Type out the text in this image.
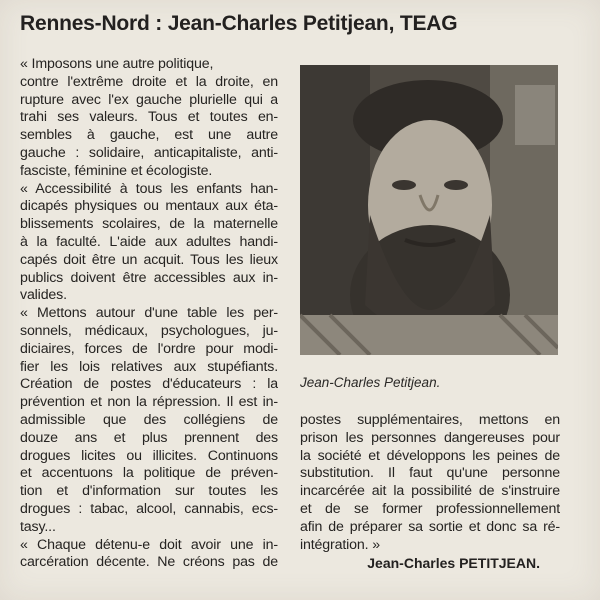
Rennes-Nord : Jean-Charles Petitjean, TEAG
« Imposons une autre politique,
contre l'extrême droite et la droite, en
rupture avec l'ex gauche plurielle qui a
trahi ses valeurs. Tous et toutes en-
sembles à gauche, est une autre
gauche : solidaire, anticapitaliste, anti-
fasciste, féminine et écologiste.
« Accessibilité à tous les enfants han-
dicapés physiques ou mentaux aux éta-
blissements scolaires, de la maternelle
à la faculté. L'aide aux adultes handi-
capés doit être un acquit. Tous les lieux
publics doivent être accessibles aux in-
valides.
« Mettons autour d'une table les per-
sonnels, médicaux, psychologues, ju-
diciaires, forces de l'ordre pour modi-
fier les lois relatives aux stupéfiants.
Création de postes d'éducateurs : la
prévention et non la répression. Il est in-
admissible que des collégiens de
douze ans et plus prennent des
drogues licites ou illicites. Continuons
et accentuons la politique de préven-
tion et d'information sur toutes les
drogues : tabac, alcool, cannabis, ecs-
tasy...
« Chaque détenu-e doit avoir une in-
carcération décente. Ne créons pas de
Jean-Charles Petitjean.
postes supplémentaires, mettons en
prison les personnes dangereuses pour
la société et développons les peines de
substitution. Il faut qu'une personne
incarcérée ait la possibilité de s'instruire
et de se former professionnellement
afin de préparer sa sortie et donc sa ré-
intégration. »
Jean-Charles PETITJEAN.
